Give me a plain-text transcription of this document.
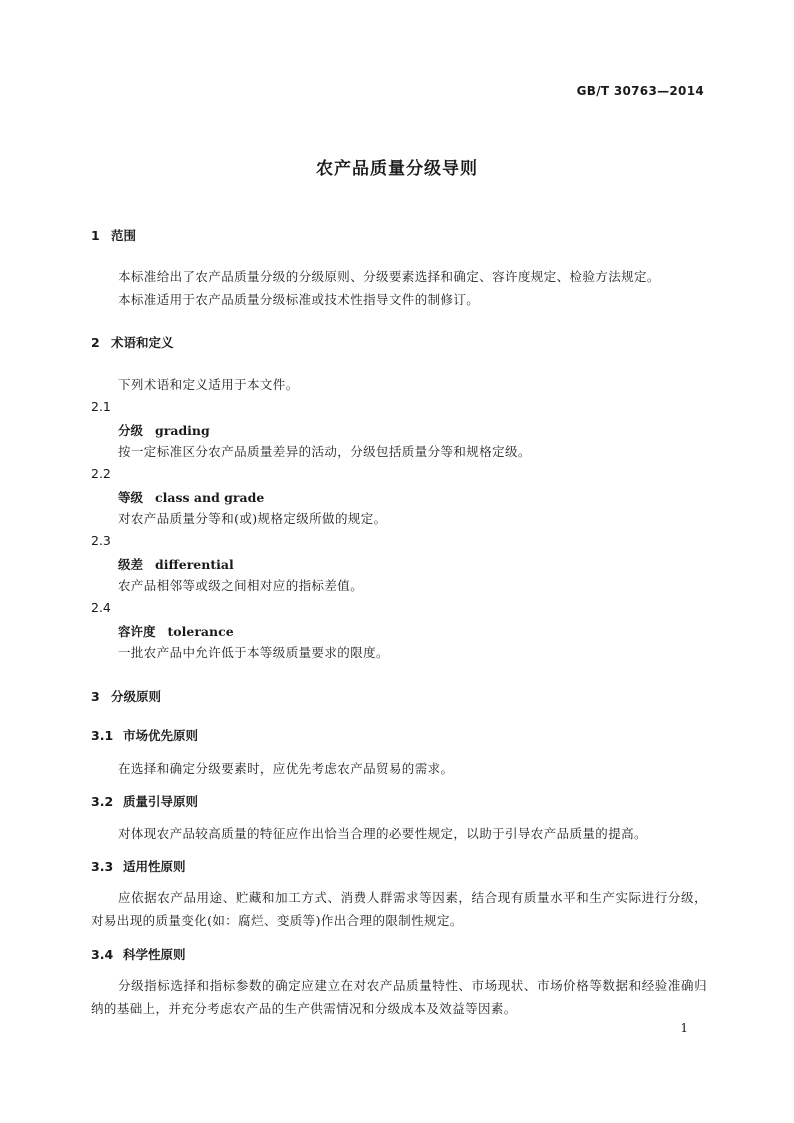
GB/T 30763—2014
农产品质量分级导则
1 范围
本标准给出了农产品质量分级的分级原则、分级要素选择和确定、容许度规定、检验方法规定。
本标准适用于农产品质量分级标准或技术性指导文件的制修订。
2 术语和定义
下列术语和定义适用于本文件。
2.1
分级 grading
按一定标准区分农产品质量差异的活动，分级包括质量分等和规格定级。
2.2
等级 class and grade
对农产品质量分等和(或)规格定级所做的规定。
2.3
级差 differential
农产品相邻等或级之间相对应的指标差值。
2.4
容许度 tolerance
一批农产品中允许低于本等级质量要求的限度。
3 分级原则
3.1 市场优先原则
在选择和确定分级要素时，应优先考虑农产品贸易的需求。
3.2 质量引导原则
对体现农产品较高质量的特征应作出恰当合理的必要性规定，以助于引导农产品质量的提高。
3.3 适用性原则
应依据农产品用途、贮藏和加工方式、消费人群需求等因素，结合现有质量水平和生产实际进行分级，对易出现的质量变化(如：腐烂、变质等)作出合理的限制性规定。
3.4 科学性原则
分级指标选择和指标参数的确定应建立在对农产品质量特性、市场现状、市场价格等数据和经验准确归纳的基础上，并充分考虑农产品的生产供需情况和分级成本及效益等因素。
1
